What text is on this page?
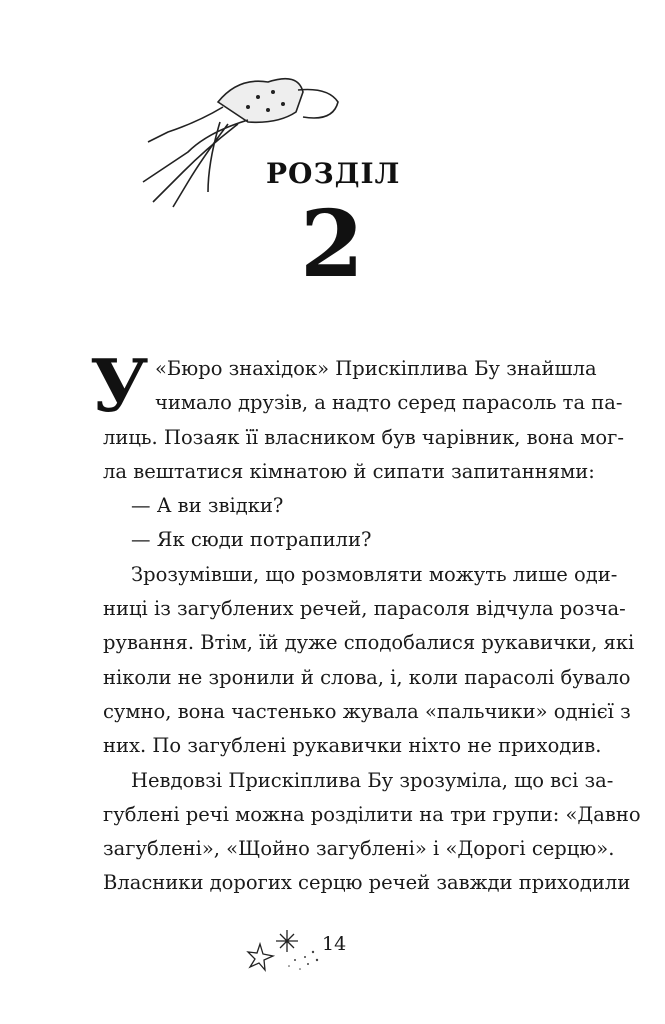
розділ
2
У «Бюро знахідок» Прискіплива Бу знайшла
чимало друзів, а надто серед парасоль та па-
лиць. Позаяк її власником був чарівник, вона мог-
ла вештатися кімнатою й сипати запитаннями:
— А ви звідки?
— Як сюди потрапили?
Зрозумівши, що розмовляти можуть лише оди-
ниці із загублених речей, парасоля відчула розча-
рування. Втім, їй дуже сподобалися рукавички, які
ніколи не зронили й слова, і, коли парасолі бувало
сумно, вона частенько жувала «пальчики» однієї з
них. По загублені рукавички ніхто не приходив.
Невдовзі Прискіплива Бу зрозуміла, що всі за-
гублені речі можна розділити на три групи: «Давно
загублені», «Щойно загублені» і «Дорогі серцю».
Власники дорогих серцю речей завжди приходили
14
